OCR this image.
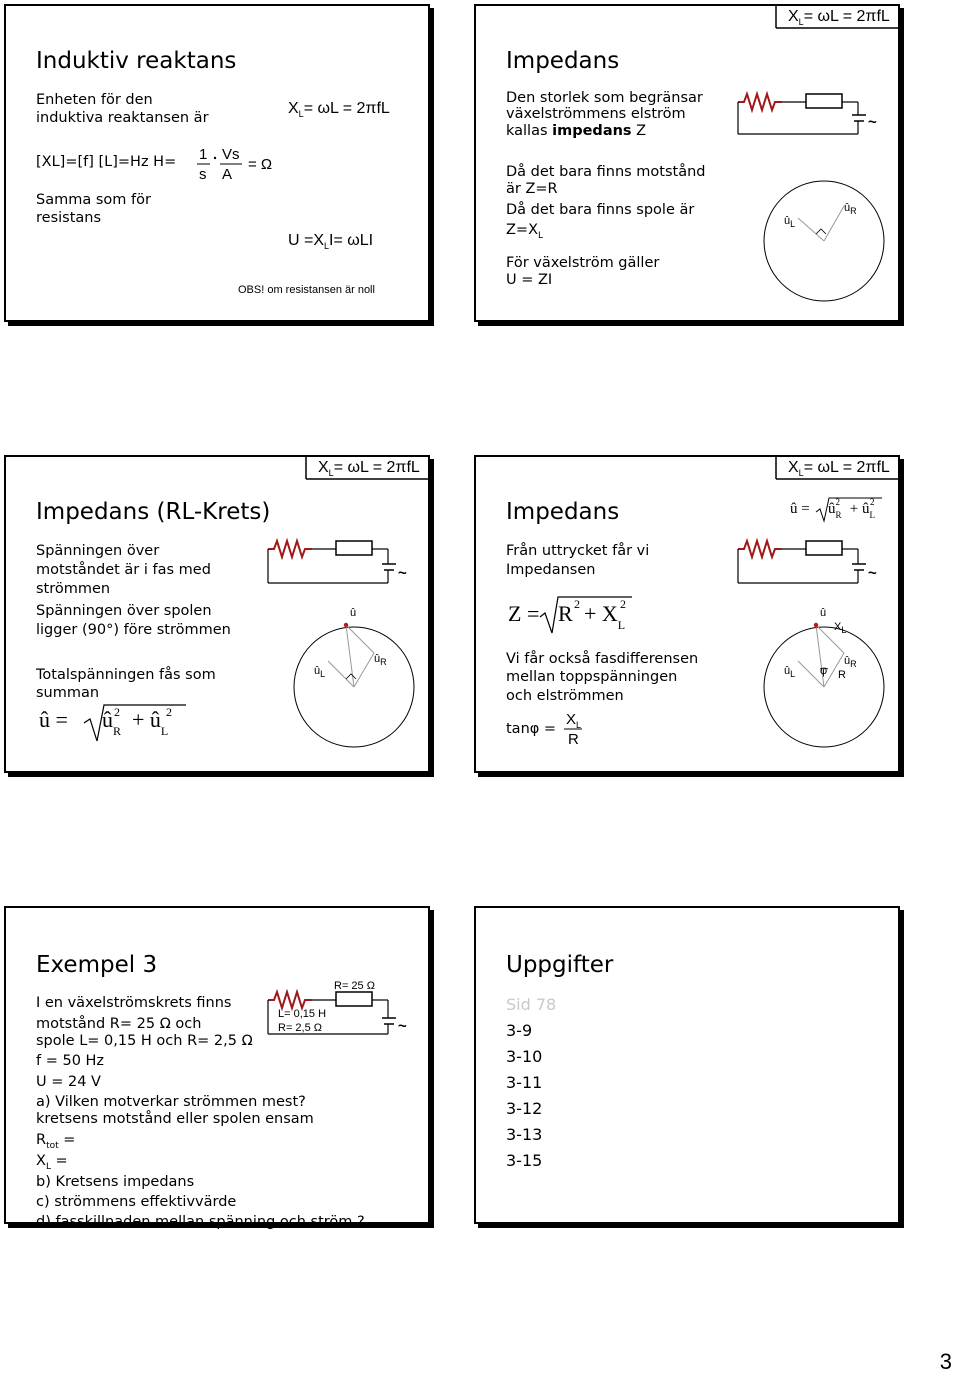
Induktiv reaktans
$X_L= \omega L = 2\pi fL$
Enheten för den
induktiva reaktansen är
[XL]=[f] [L]=Hz H= 1
s
Vs
A
= Ω
Samma som för
resistans
$U =X_LI= \omega LI$
OBS! om resistansen är noll
$X_L= \omega L = 2\pi fL$
Impedans
Den storlek som begränsar
växelströmmens elström
kallas impedans Z
Då det bara finns motstånd
är Z=R
Då det bara finns spole är
$Z=X_L$
För växelström gäller
U = ZI
~
$û_L$
$û_R$
$X_L= \omega L = 2\pi fL$
Impedans (RL-Krets)
Spänningen över
motståndet är i fas med
strömmen
Spänningen över spolen
ligger (90°) före strömmen
Totalspänningen fås som
summan
~
û
$û_L$
$û_R$
û = $û_R$
$2 + û_L$
2
$X_L= \omega L = 2\pi fL$
Impedans	û = $û_R^2$ + $û_L^2$
Från uttrycket får vi
Impedansen
Z = R $2 + X_L$
2
Vi får också fasdifferensen
mellan toppspänningen
och elströmmen
tanφ =
$X_L$
R
~
û
$X_L$
$û_L$ φ
$û_R$
R
Exempel 3
~
R= 25 Ω
L= 0,15 H
R= 2,5 Ω
I en växelströmskrets finns
motstånd R= 25 Ω och
spole L= 0,15 H och R= 2,5 Ω
f = 50 Hz
U = 24 V
a) Vilken motverkar strömmen mest?
kretsens motstånd eller spolen ensam
$R_{tot}$ =
$X_L$ =
b) Kretsens impedans
c) strömmens effektivvärde
d) fasskillnaden mellan spänning och ström ?
Uppgifter
Sid 78
3-9
3-10
3-11
3-12
3-13
3-15
3
